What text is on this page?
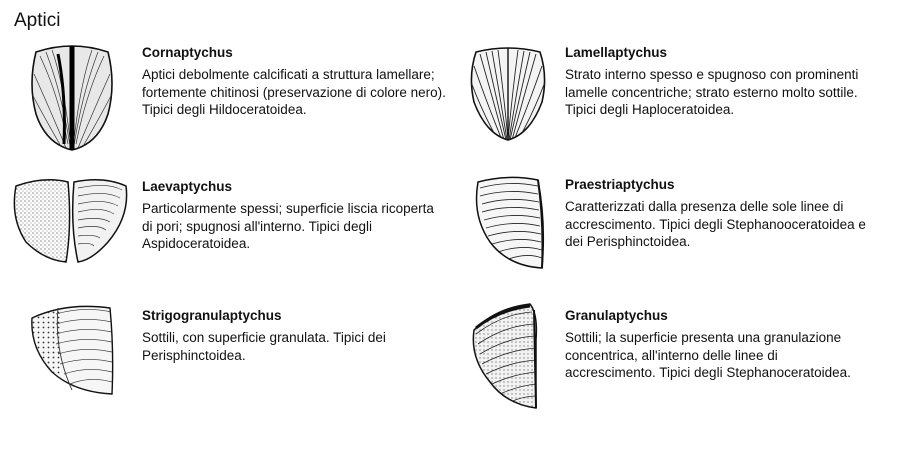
Aptici

Cornaptychus

Aptici debolmente calcificati a struttura lamellare; fortemente chitinosi (preservazione di colore nero). Tipici degli Hildoceratoidea.

Lamellaptychus

Strato interno spesso e spugnoso con prominenti lamelle concentriche; strato esterno molto sottile. Tipici degli Haploceratoidea.

Laevaptychus

Particolarmente spessi; superficie liscia ricoperta di pori; spugnosi all'interno. Tipici degli Aspidoceratoidea.

Praestriaptychus

Caratterizzati dalla presenza delle sole linee di accrescimento. Tipici degli Stephanooceratoidea e dei Perisphinctoidea.

Strigogranulaptychus

Sottili, con superficie granulata. Tipici dei Perisphinctoidea.

Granulaptychus

Sottili; la superficie presenta una granulazione concentrica, all'interno delle linee di accrescimento. Tipici degli Stephanoceratoidea.
